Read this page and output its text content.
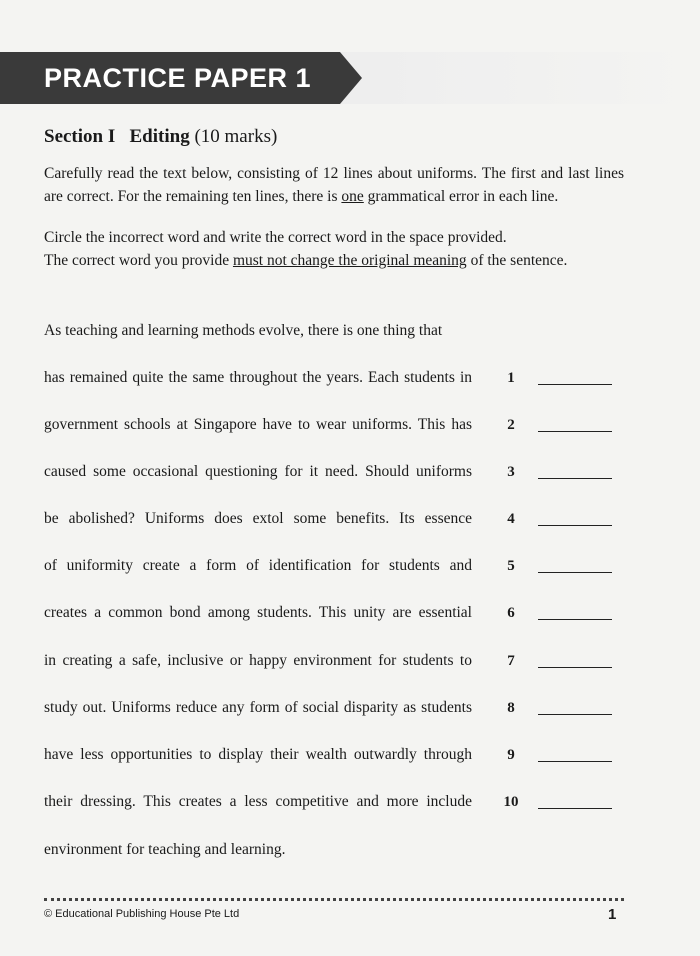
PRACTICE PAPER 1
Section I Editing (10 marks)
Carefully read the text below, consisting of 12 lines about uniforms. The first and last lines are correct. For the remaining ten lines, there is one grammatical error in each line.
Circle the incorrect word and write the correct word in the space provided.
The correct word you provide must not change the original meaning of the sentence.
As teaching and learning methods evolve, there is one thing that
has remained quite the same throughout the years. Each students in	1
government schools at Singapore have to wear uniforms. This has	2
caused some occasional questioning for it need. Should uniforms	3
be abolished? Uniforms does extol some benefits. Its essence	4
of uniformity create a form of identification for students and	5
creates a common bond among students. This unity are essential	6
in creating a safe, inclusive or happy environment for students to	7
study out. Uniforms reduce any form of social disparity as students	8
have less opportunities to display their wealth outwardly through	9
their dressing. This creates a less competitive and more include	10
environment for teaching and learning.
© Educational Publishing House Pte Ltd	1
